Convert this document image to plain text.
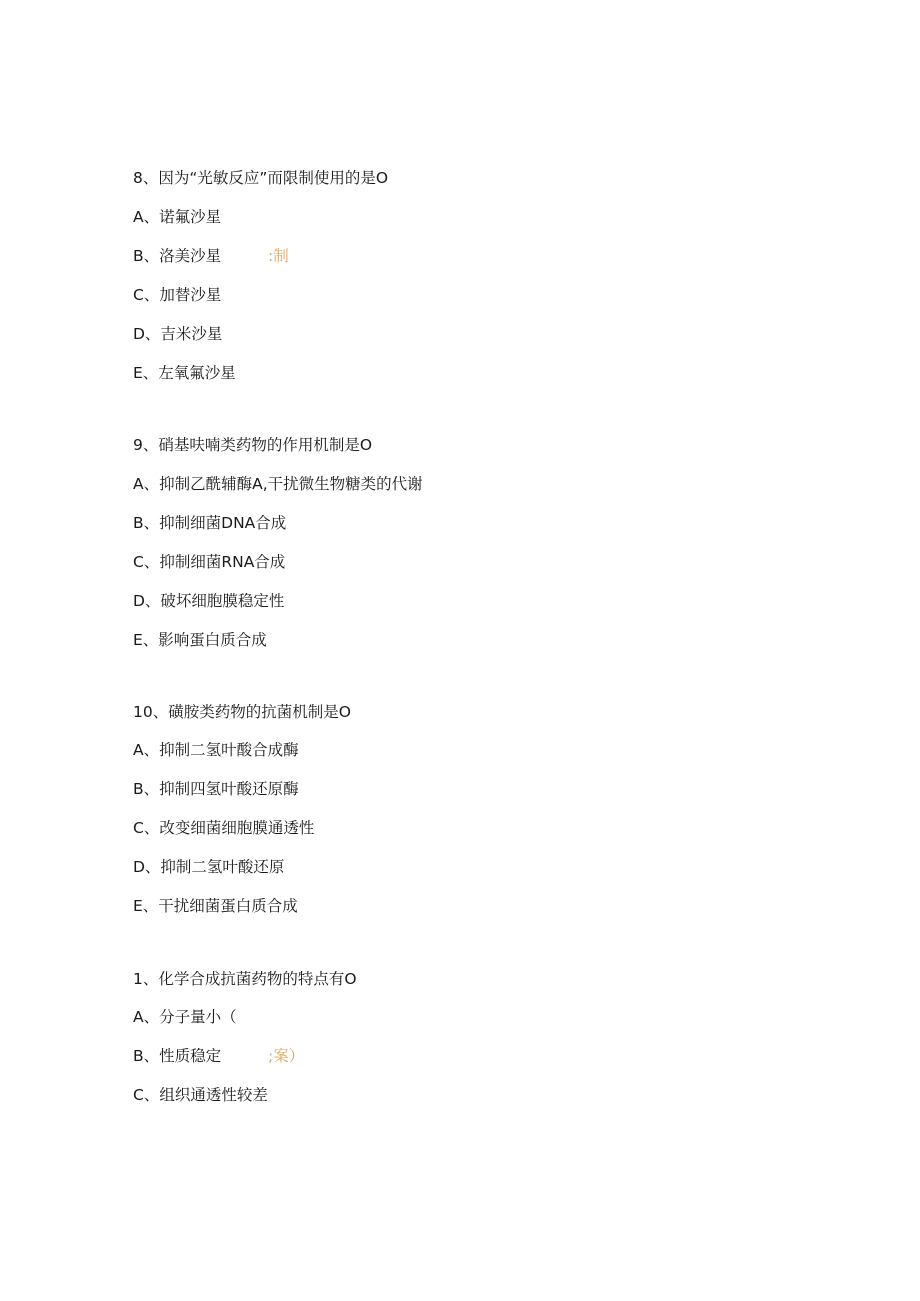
8、因为“光敏反应”而限制使用的是O
A、诺氟沙星
B、洛美沙星	:制
C、加替沙星
D、吉米沙星
E、左氧氟沙星
9、硝基呋喃类药物的作用机制是O
A、抑制乙酰辅酶A,干扰微生物糖类的代谢
B、抑制细菌DNA合成
C、抑制细菌RNA合成
D、破坏细胞膜稳定性
E、影响蛋白质合成
10、磺胺类药物的抗菌机制是O
A、抑制二氢叶酸合成酶
B、抑制四氢叶酸还原酶
C、改变细菌细胞膜通透性
D、抑制二氢叶酸还原
E、干扰细菌蛋白质合成
1、化学合成抗菌药物的特点有O
A、分子量小（
B、性质稳定	;案）
C、组织通透性较差
